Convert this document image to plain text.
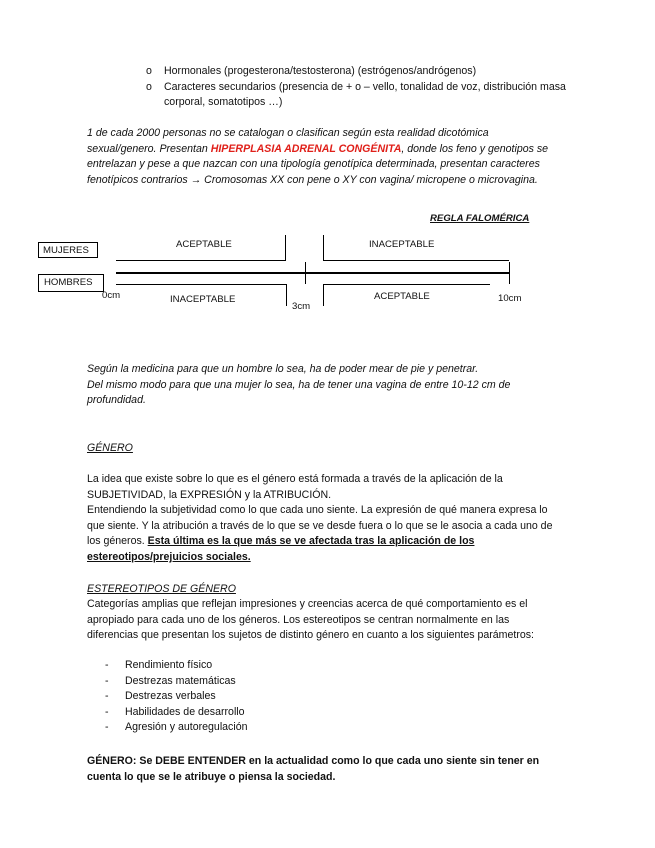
o Hormonales (progesterona/testosterona) (estrógenos/andrógenos)
o Caracteres secundarios (presencia de + o – vello, tonalidad de voz, distribución masa corporal, somatotipos …)

1 de cada 2000 personas no se catalogan o clasifican según esta realidad dicotómica sexual/genero. Presentan HIPERPLASIA ADRENAL CONGÉNITA, donde los feno y genotipos se entrelazan y pese a que nazcan con una tipología genotípica determinada, presentan caracteres fenotípicos contrarios → Cromosomas XX con pene o XY con vagina/ micropene o microvagina.

REGLA FALOMÉRICA
MUJERES
HOMBRES
ACEPTABLE	INACEPTABLE
INACEPTABLE	ACEPTABLE
0cm
3cm
10cm

Según la medicina para que un hombre lo sea, ha de poder mear de pie y penetrar.
Del mismo modo para que una mujer lo sea, ha de tener una vagina de entre 10-12 cm de profundidad.

GÉNERO

La idea que existe sobre lo que es el género está formada a través de la aplicación de la SUBJETIVIDAD, la EXPRESIÓN y la ATRIBUCIÓN.
Entendiendo la subjetividad como lo que cada uno siente. La expresión de qué manera expresa lo que siente. Y la atribución a través de lo que se ve desde fuera o lo que se le asocia a cada uno de los géneros. Esta última es la que más se ve afectada tras la aplicación de los estereotipos/prejuicios sociales.

ESTEREOTIPOS DE GÉNERO

Categorías amplias que reflejan impresiones y creencias acerca de qué comportamiento es el apropiado para cada uno de los géneros. Los estereotipos se centran normalmente en las diferencias que presentan los sujetos de distinto género en cuanto a los siguientes parámetros:

- Rendimiento físico
- Destrezas matemáticas
- Destrezas verbales
- Habilidades de desarrollo
- Agresión y autoregulación

GÉNERO: Se DEBE ENTENDER en la actualidad como lo que cada uno siente sin tener en cuenta lo que se le atribuye o piensa la sociedad.
